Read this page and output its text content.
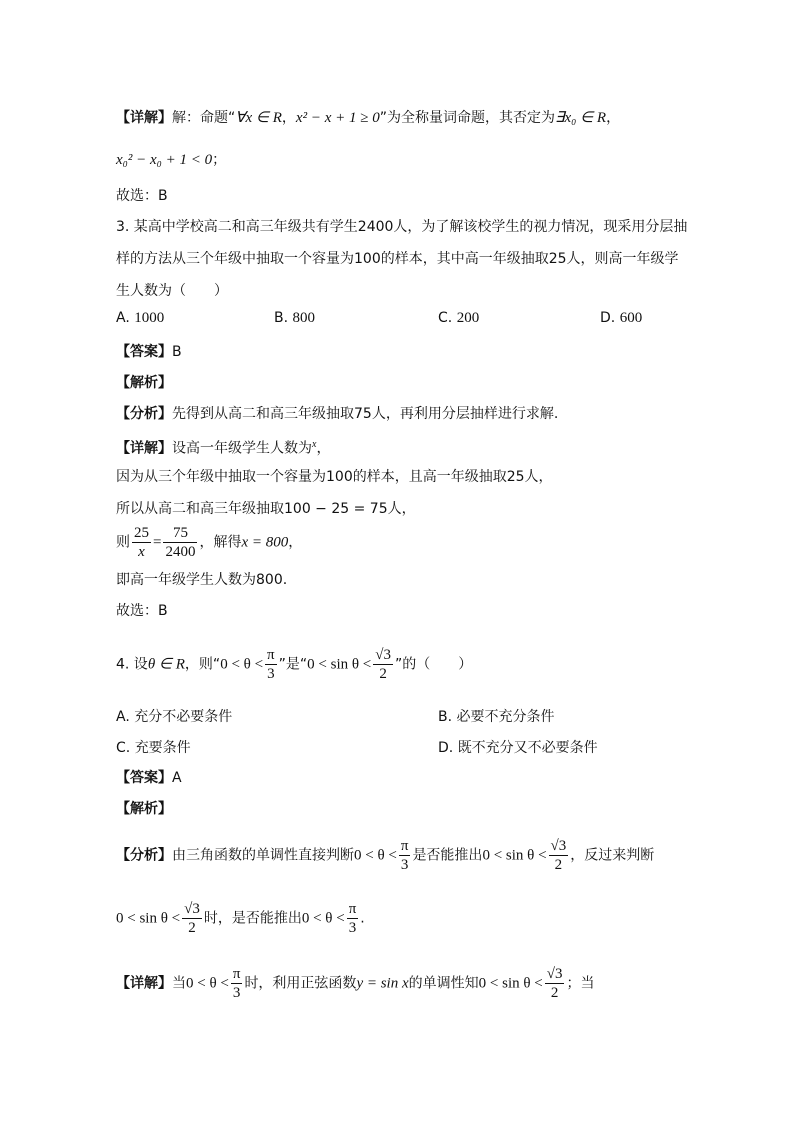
【详解】解：命题“∀x ∈ R，x² − x + 1 ≥ 0”为全称量词命题，其否定为∃x₀ ∈ R，
x₀² − x₀ + 1 < 0；
故选：B
3. 某高中学校高二和高三年级共有学生2400人，为了解该校学生的视力情况，现采用分层抽
样的方法从三个年级中抽取一个容量为100的样本，其中高一年级抽取25人，则高一年级学
生人数为（　　）
A. 1000	B. 800	C. 200	D. 600
【答案】B
【解析】
【分析】先得到从高二和高三年级抽取75人，再利用分层抽样进行求解.
【详解】设高一年级学生人数为$^x$，
因为从三个年级中抽取一个容量为100的样本，且高一年级抽取25人，
所以从高二和高三年级抽取100 − 25 = 75人，
则 $\frac{25}{x} = \frac{75}{2400}$ ，解得x = 800，
即高一年级学生人数为800.
故选：B
4. 设θ ∈ R，则“$0 < \theta < \frac{\pi}{3}$ ”是“$0 < \sin \theta < \frac{√3}{2}$ ”的（　　）
A. 充分不必要条件	B. 必要不充分条件
C. 充要条件	D. 既不充分又不必要条件
【答案】A
【解析】
【分析】由三角函数的单调性直接判断$0 < \theta < \frac{\pi}{3}$ 是否能推出$0 < \sin \theta < \frac{√3}{2}$ ，反过来判断
$0 < \sin \theta < \frac{√3}{2}$ 时，是否能推出$0 < \theta < \frac{\pi}{3}$ .
【详解】当$0 < \theta < \frac{\pi}{3}$ 时，利用正弦函数y = sin x的单调性知$0 < \sin \theta < \frac{√3}{2}$ ；当
